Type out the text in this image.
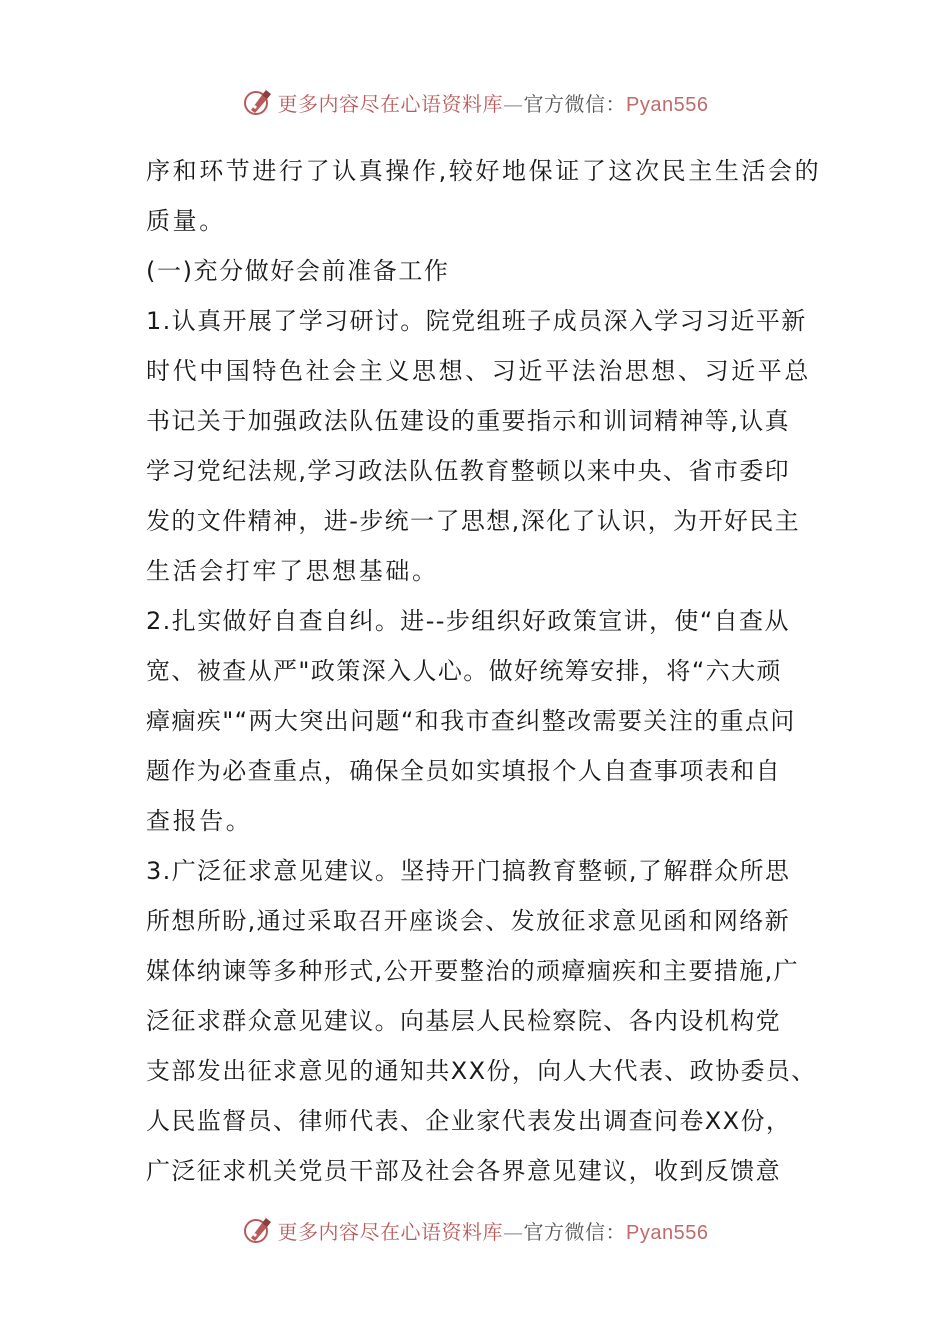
更多内容尽在心语资料库—官方微信：Pyan556
序和环节进行了认真操作,较好地保证了这次民主生活会的
质量。
(一)充分做好会前准备工作
1.认真开展了学习研讨。院党组班子成员深入学习习近平新
时代中国特色社会主义思想、习近平法治思想、习近平总
书记关于加强政法队伍建设的重要指示和训词精神等,认真
学习党纪法规,学习政法队伍教育整顿以来中央、省市委印
发的文件精神，进-步统一了思想,深化了认识，为开好民主
生活会打牢了思想基础。
2.扎实做好自查自纠。进--步组织好政策宣讲，使“自查从
宽、被查从严"政策深入人心。做好统筹安排，将“六大顽
瘴痼疾"“两大突出问题“和我市查纠整改需要关注的重点问
题作为必查重点，确保全员如实填报个人自查事项表和自
查报告。
3.广泛征求意见建议。坚持开门搞教育整顿,了解群众所思
所想所盼,通过采取召开座谈会、发放征求意见函和网络新
媒体纳谏等多种形式,公开要整治的顽瘴痼疾和主要措施,广
泛征求群众意见建议。向基层人民检察院、各内设机构党
支部发出征求意见的通知共XX份，向人大代表、政协委员、
人民监督员、律师代表、企业家代表发出调查问卷XX份，
广泛征求机关党员干部及社会各界意见建议，收到反馈意
更多内容尽在心语资料库—官方微信：Pyan556
